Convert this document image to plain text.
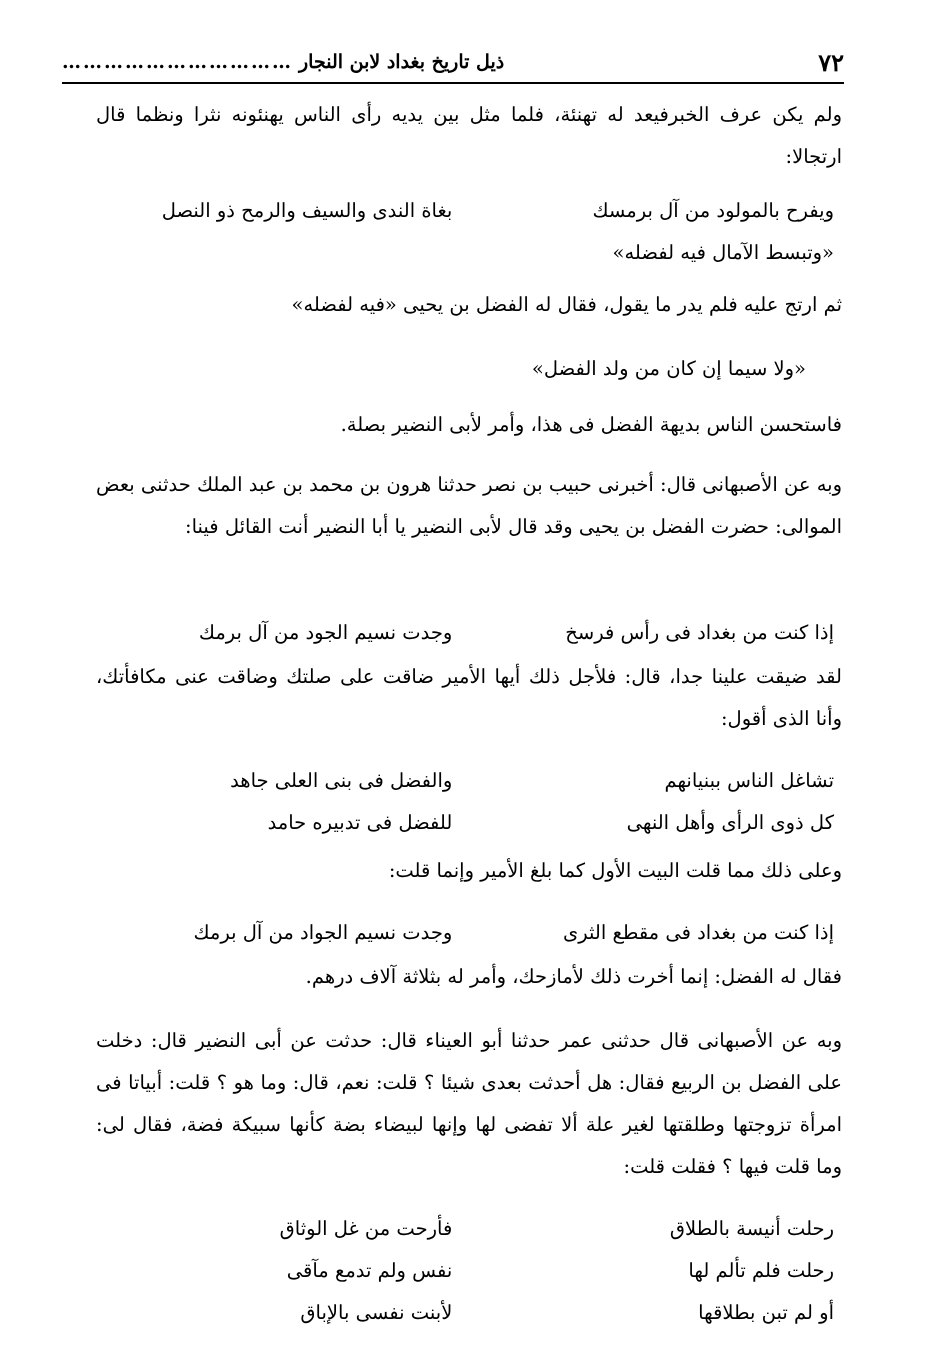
٧٢
ذيل تاريخ بغداد لابن النجار
……………………………

ولم يكن عرف الخبرفيعد له تهنئة، فلما مثل بين يديه رأى الناس يهنئونه نثرا ونظما قال ارتجالا:

ويفرح بالمولود من آل برمسك
بغاة الندى والسيف والرمح ذو النصل
«وتبسط الآمال فيه لفضله»

ثم ارتج عليه فلم يدر ما يقول، فقال له الفضل بن يحيى «فيه لفضله»

«ولا سيما إن كان من ولد الفضل»

فاستحسن الناس بديهة الفضل فى هذا، وأمر لأبى النضير بصلة.

وبه عن الأصبهانى قال: أخبرنى حبيب بن نصر حدثنا هرون بن محمد بن عبد الملك حدثنى بعض الموالى: حضرت الفضل بن يحيى وقد قال لأبى النضير يا أبا النضير أنت القائل فينا:

إذا كنت من بغداد فى رأس فرسخ
وجدت نسيم الجود من آل برمك

لقد ضيقت علينا جدا، قال: فلأجل ذلك أيها الأمير ضاقت على صلتك وضاقت عنى مكافأتك، وأنا الذى أقول:

تشاغل الناس ببنيانهم
والفضل فى بنى العلى جاهد
كل ذوى الرأى وأهل النهى
للفضل فى تدبيره حامد

وعلى ذلك مما قلت البيت الأول كما بلغ الأمير وإنما قلت:

إذا كنت من بغداد فى مقطع الثرى
وجدت نسيم الجواد من آل برمك

فقال له الفضل: إنما أخرت ذلك لأمازحك، وأمر له بثلاثة آلاف درهم.

وبه عن الأصبهانى قال حدثنى عمر حدثنا أبو العيناء قال: حدثت عن أبى النضير قال: دخلت على الفضل بن الربيع فقال: هل أحدثت بعدى شيئا ؟ قلت: نعم، قال: وما هو ؟ قلت: أبياتا فى امرأة تزوجتها وطلقتها لغير علة ألا تفضى لها وإنها لبيضاء بضة كأنها سبيكة فضة، فقال لى: وما قلت فيها ؟ فقلت قلت:

رحلت أنيسة بالطلاق
فأرحت من غل الوثاق
رحلت فلم تألم لها
نفس ولم تدمع مآقى
أو لم تبن بطلاقها
لأبنت نفسى بالإباق
